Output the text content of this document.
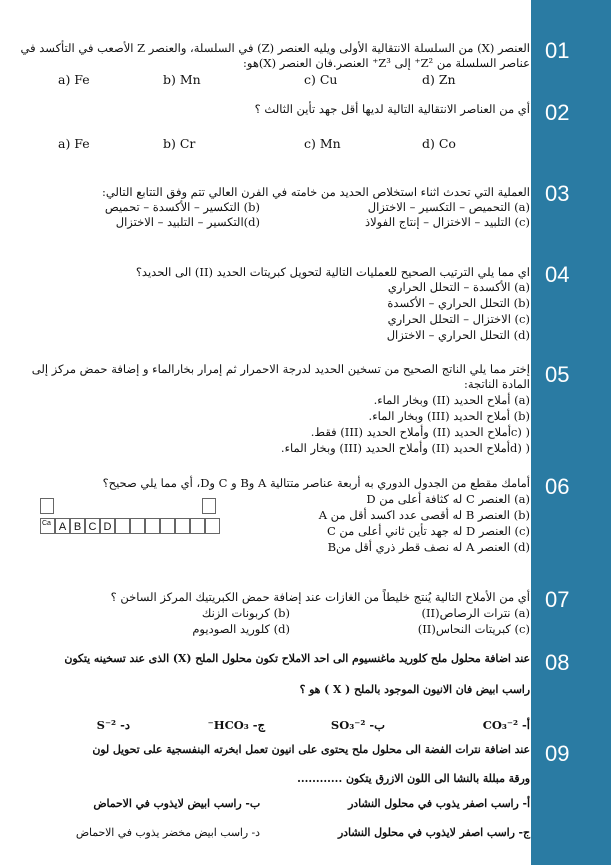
01
02
03
04
05
06
07
08
09
العنصر (X) من السلسلة الانتقالية الأولى ويليه العنصر (Z) في السلسلة، والعنصر Z الأصعب في التأكسد في
عناصر السلسلة من Z²⁺ إلى Z³⁺ العنصر.فان العنصر (X)هو:
a) Fe	b) Mn	c) Cu	d) Zn
أي من العناصر الانتقالية التالية لديها أقل جهد تأين الثالث ؟
a) Fe	b) Cr	c) Mn	d) Co
العملية التي تحدث اثناء استخلاص الحديد من خامته في الفرن العالي تتم وفق التتابع التالي:
(a) التحميص – التكسير – الاختزال
(b) التكسير – الأكسدة – تحميص
(c) التلبيد – الاختزال – إنتاج الفولاذ
(d)التكسير – التلبيد – الاختزال
اي مما يلي الترتيب الصحيح للعمليات التالية لتحويل كبريتات الحديد (II) الى الحديد؟
(a) الأكسدة – التحلل الحراري
(b) التحلل الحراري – الأكسدة
(c) الاختزال – التحلل الحراري
(d) التحلل الحراري – الاختزال
إختر مما يلي الناتج الصحيح من تسخين الحديد لدرجة الاحمرار ثم إمرار بخارالماء و إضافة حمض مركز إلى
المادة الناتجة:
(a) أملاح الحديد (II) وبخار الماء.
(b) أملاح الحديد (III) وبخار الماء.
( (cأملاح الحديد (II) وأملاح الحديد (III) فقط.
( (dأملاح الحديد (II) وأملاح الحديد (III) وبخار الماء.
أمامك مقطع من الجدول الدوري به أربعة عناصر متتالية A وB و C وD، أي مما يلي صحيح؟
(a) العنصر C له كثافة أعلى من D
(b) العنصر B له أقصى عدد اكسد أقل من A
(c) العنصر D له جهد تأين ثاني أعلى من C
(d) العنصر A له نصف قطر ذري أقل منB
Ca A B C D
أي من الأملاح التالية يُنتج خليطاً من الغازات عند إضافة حمض الكبريتيك المركز الساخن ؟
(a) نترات الرصاص(II)
(b) كربونات الزنك
(c) كبريتات النحاس(II)
(d) كلوريد الصوديوم
عند اضافة محلول ملح كلوريد ماغنسيوم الى احد الاملاح تكون محلول الملح (X) الذى عند تسخينه يتكون
راسب ابيض فان الانيون الموجود بالملح ( X ) هو ؟
أ- CO₃⁻²
ب- SO₃⁻²
ج- HCO₃⁻
د- S⁻²
عند اضافة نترات الفضة الى محلول ملح يحتوى على انيون تعمل ابخرته البنفسجية على تحويل لون
ورقة مبللة بالنشا الى اللون الازرق يتكون ............
أ- راسب اصفر يذوب في محلول النشادر
ب- راسب ابيض لايذوب في الاحماض
ج- راسب اصفر لايذوب في محلول النشادر
د- راسب ابيض مخضر يذوب في الاحماض
